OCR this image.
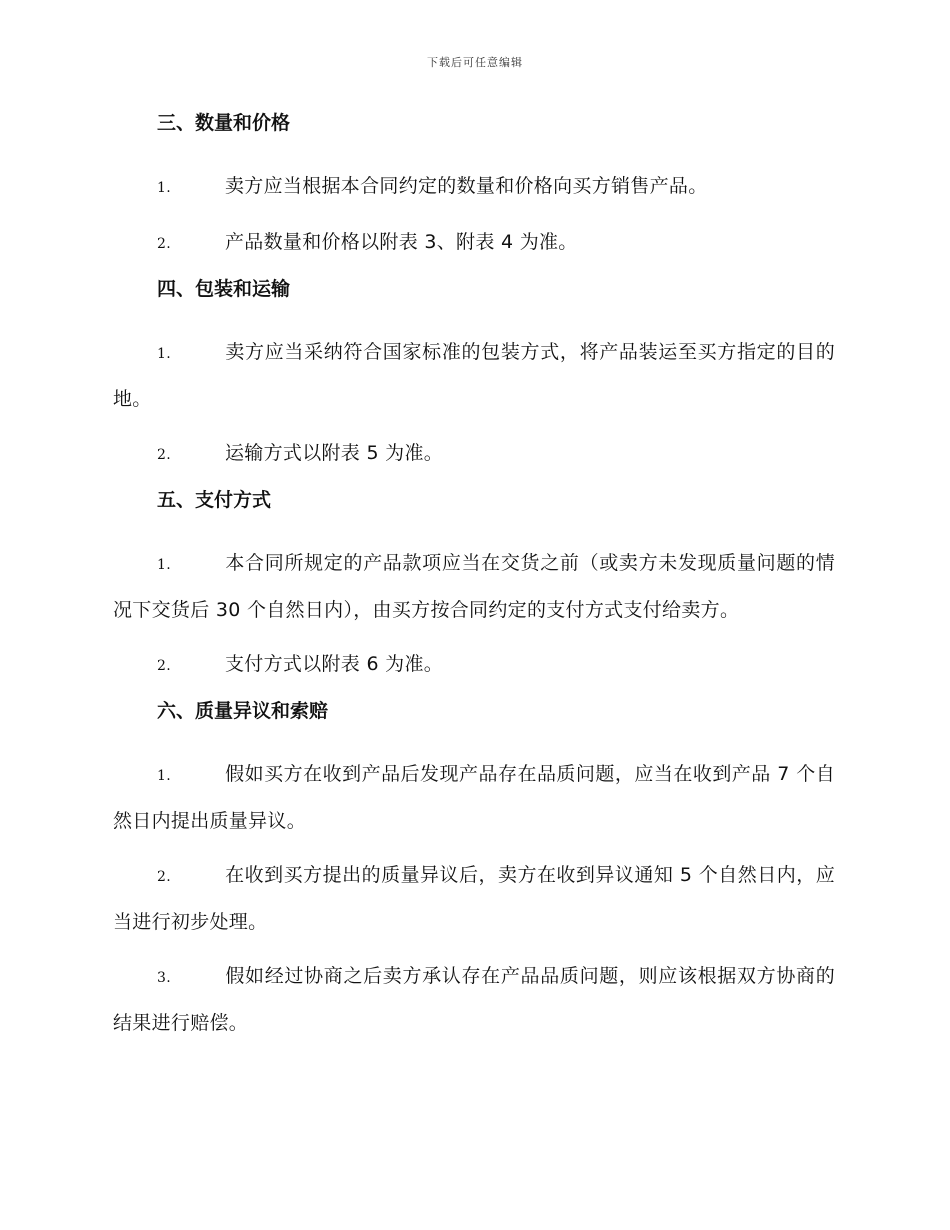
下载后可任意编辑

三、数量和价格

1.	卖方应当根据本合同约定的数量和价格向买方销售产品。

2.	产品数量和价格以附表 3、附表 4 为准。

四、包装和运输

1.	卖方应当采纳符合国家标准的包装方式，将产品装运至买方指定的目的地。

2.	运输方式以附表 5 为准。

五、支付方式

1.	本合同所规定的产品款项应当在交货之前（或卖方未发现质量问题的情况下交货后 30 个自然日内），由买方按合同约定的支付方式支付给卖方。

2.	支付方式以附表 6 为准。

六、质量异议和索赔

1.	假如买方在收到产品后发现产品存在品质问题，应当在收到产品 7 个自然日内提出质量异议。

2.	在收到买方提出的质量异议后，卖方在收到异议通知 5 个自然日内，应当进行初步处理。

3.	假如经过协商之后卖方承认存在产品品质问题，则应该根据双方协商的结果进行赔偿。
